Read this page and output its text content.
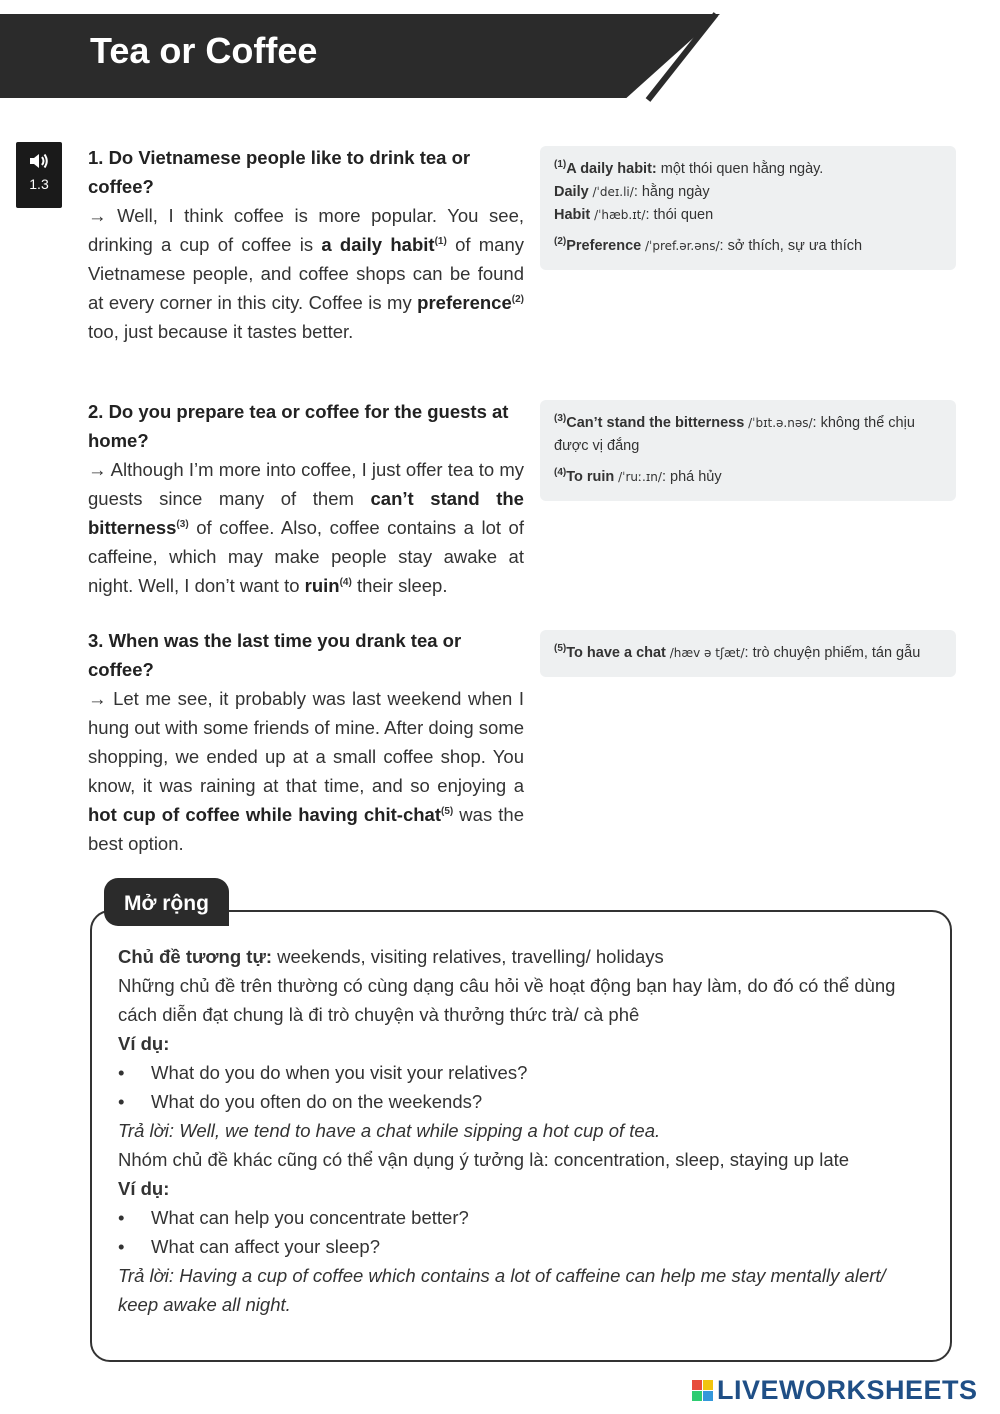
Tea or Coffee
1.3

1. Do Vietnamese people like to drink tea or coffee?

→ Well, I think coffee is more popular. You see, drinking a cup of coffee is a daily habit$^{(1)}$ of many Vietnamese people, and coffee shops can be found at every corner in this city. Coffee is my preference$^{(2)}$ too, just because it tastes better.

2. Do you prepare tea or coffee for the guests at home?

→ Although I’m more into coffee, I just offer tea to my guests since many of them can’t stand the bitterness$^{(3)}$ of coffee. Also, coffee contains a lot of caffeine, which may make people stay awake at night. Well, I don’t want to ruin$^{(4)}$ their sleep.

3. When was the last time you drank tea or coffee?

→ Let me see, it probably was last weekend when I hung out with some friends of mine. After doing some shopping, we ended up at a small coffee shop. You know, it was raining at that time, and so enjoying a hot cup of coffee while having chit-chat$^{(5)}$ was the best option.

$^{(1)}$A daily habit: một thói quen hằng ngày.

Daily /ˈdeɪ.li/: hằng ngày

Habit /ˈhæb.ɪt/: thói quen

$^{(2)}$Preference /ˈpref.ər.əns/: sở thích, sự ưa thích

$^{(3)}$Can’t stand the bitterness /ˈbɪt.ə.nəs/: không thể chịu được vị đắng

$^{(4)}$To ruin /ˈruː.ɪn/: phá hủy

$^{(5)}$To have a chat /hæv ə tʃæt/: trò chuyện phiếm, tán gẫu

Mở rộng

Chủ đề tương tự: weekends, visiting relatives, travelling/ holidays

Những chủ đề trên thường có cùng dạng câu hỏi về hoạt động bạn hay làm, do đó có thể dùng cách diễn đạt chung là đi trò chuyện và thưởng thức trà/ cà phê

Ví dụ:

• What do you do when you visit your relatives?
• What do you often do on the weekends?

Trả lời: Well, we tend to have a chat while sipping a hot cup of tea.

Nhóm chủ đề khác cũng có thể vận dụng ý tưởng là: concentration, sleep, staying up late

Ví dụ:

• What can help you concentrate better?
• What can affect your sleep?

Trả lời: Having a cup of coffee which contains a lot of caffeine can help me stay mentally alert/ keep awake all night.

LIVEWORKSHEETS
